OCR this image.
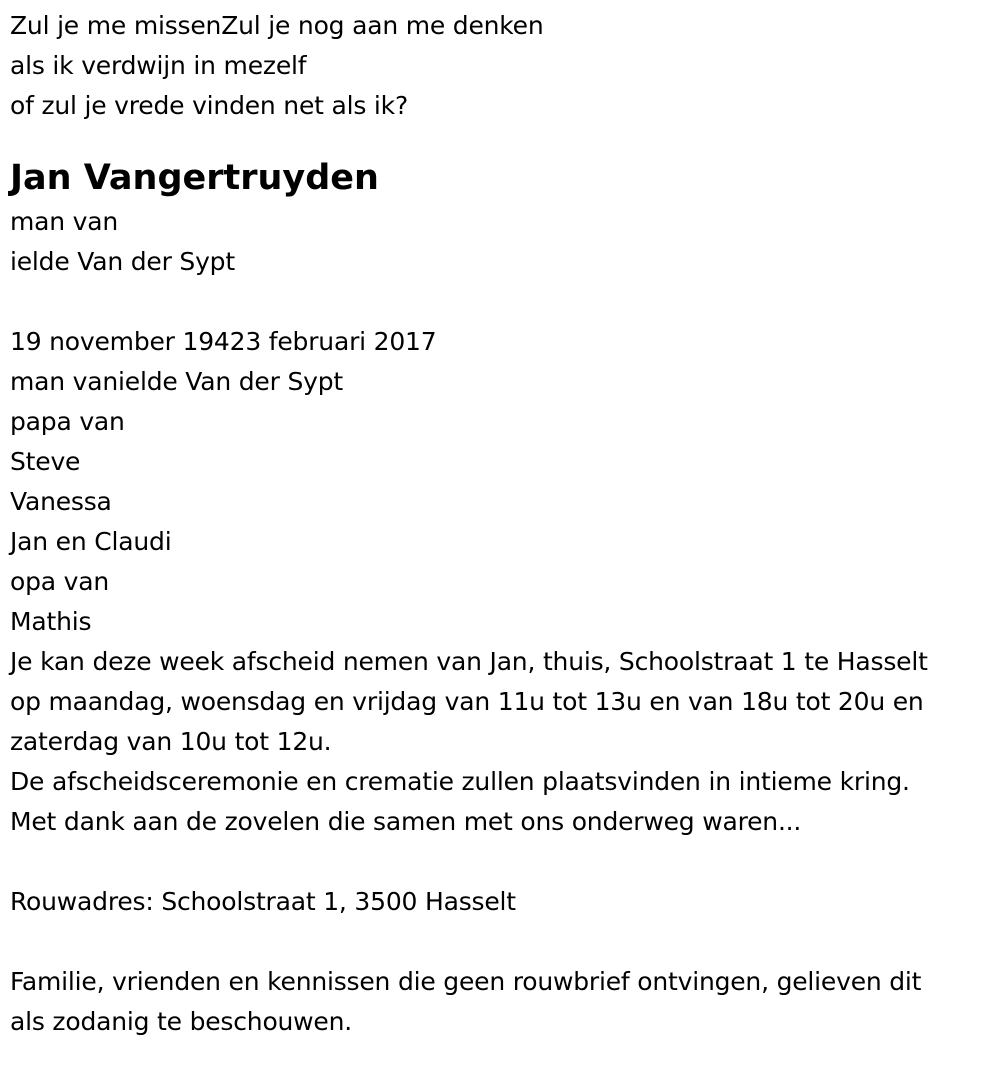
Zul je me missenZul je nog aan me denken
als ik verdwijn in mezelf
of zul je vrede vinden net als ik?
Jan Vangertruyden
man van
ielde Van der Sypt
19 november 19423 februari 2017
man vanielde Van der Sypt
papa van
Steve
Vanessa
Jan en Claudi
opa van
Mathis
Je kan deze week afscheid nemen van Jan, thuis, Schoolstraat 1 te Hasselt
op maandag, woensdag en vrijdag van 11u tot 13u en van 18u tot 20u en
zaterdag van 10u tot 12u.
De afscheidsceremonie en crematie zullen plaatsvinden in intieme kring.
Met dank aan de zovelen die samen met ons onderweg waren...
Rouwadres: Schoolstraat 1, 3500 Hasselt
Familie, vrienden en kennissen die geen rouwbrief ontvingen, gelieven dit
als zodanig te beschouwen.
